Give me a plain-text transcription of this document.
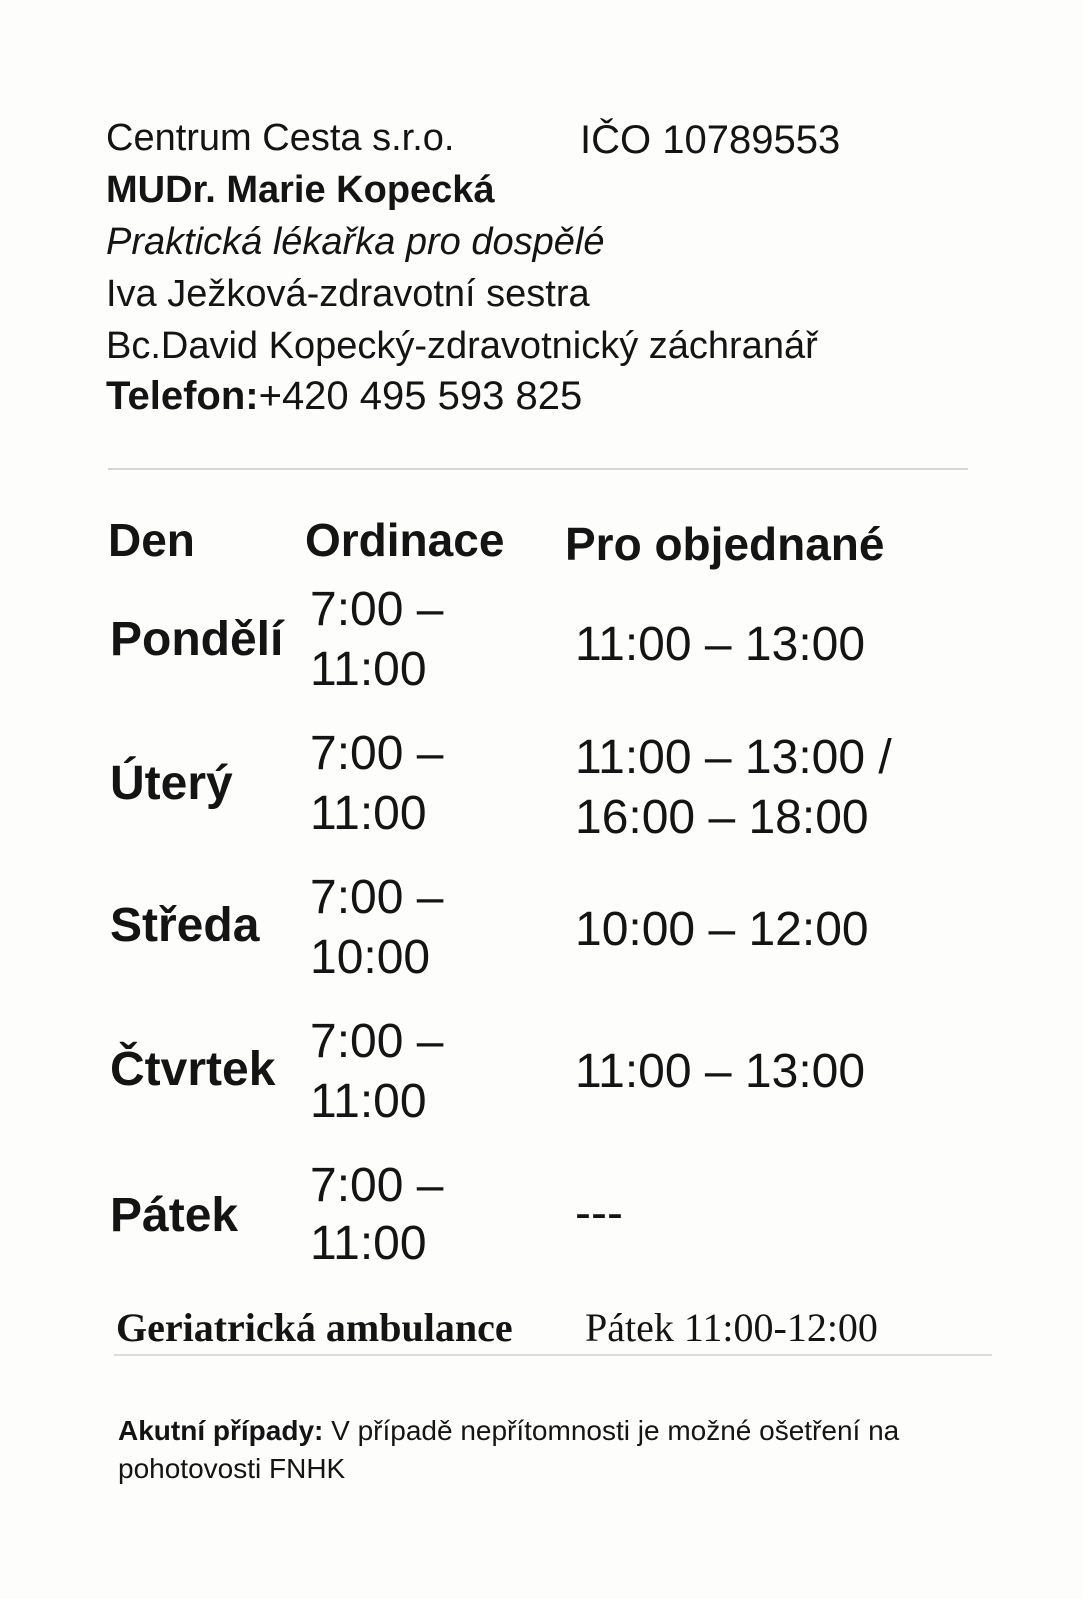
Centrum Cesta s.r.o.	IČO 10789553
MUDr. Marie Kopecká
Praktická lékařka pro dospělé
Iva Ježková-zdravotní sestra
Bc.David Kopecký-zdravotnický záchranář
Telefon:+420 495 593 825
Den Ordinace Pro objednané
Pondělí
7:00 –
11:00	11:00 – 13:00
Úterý
7:00 –
11:00
11:00 – 13:00 /
16:00 – 18:00
Středa
7:00 –
10:00
10:00 – 12:00
Čtvrtek
7:00 –
11:00
11:00 – 13:00
Pátek
7:00 –
11:00
---
Geriatrická ambulance Pátek 11:00-12:00
Akutní případy: V případě nepřítomnosti je možné ošetření na pohotovosti FNHK
